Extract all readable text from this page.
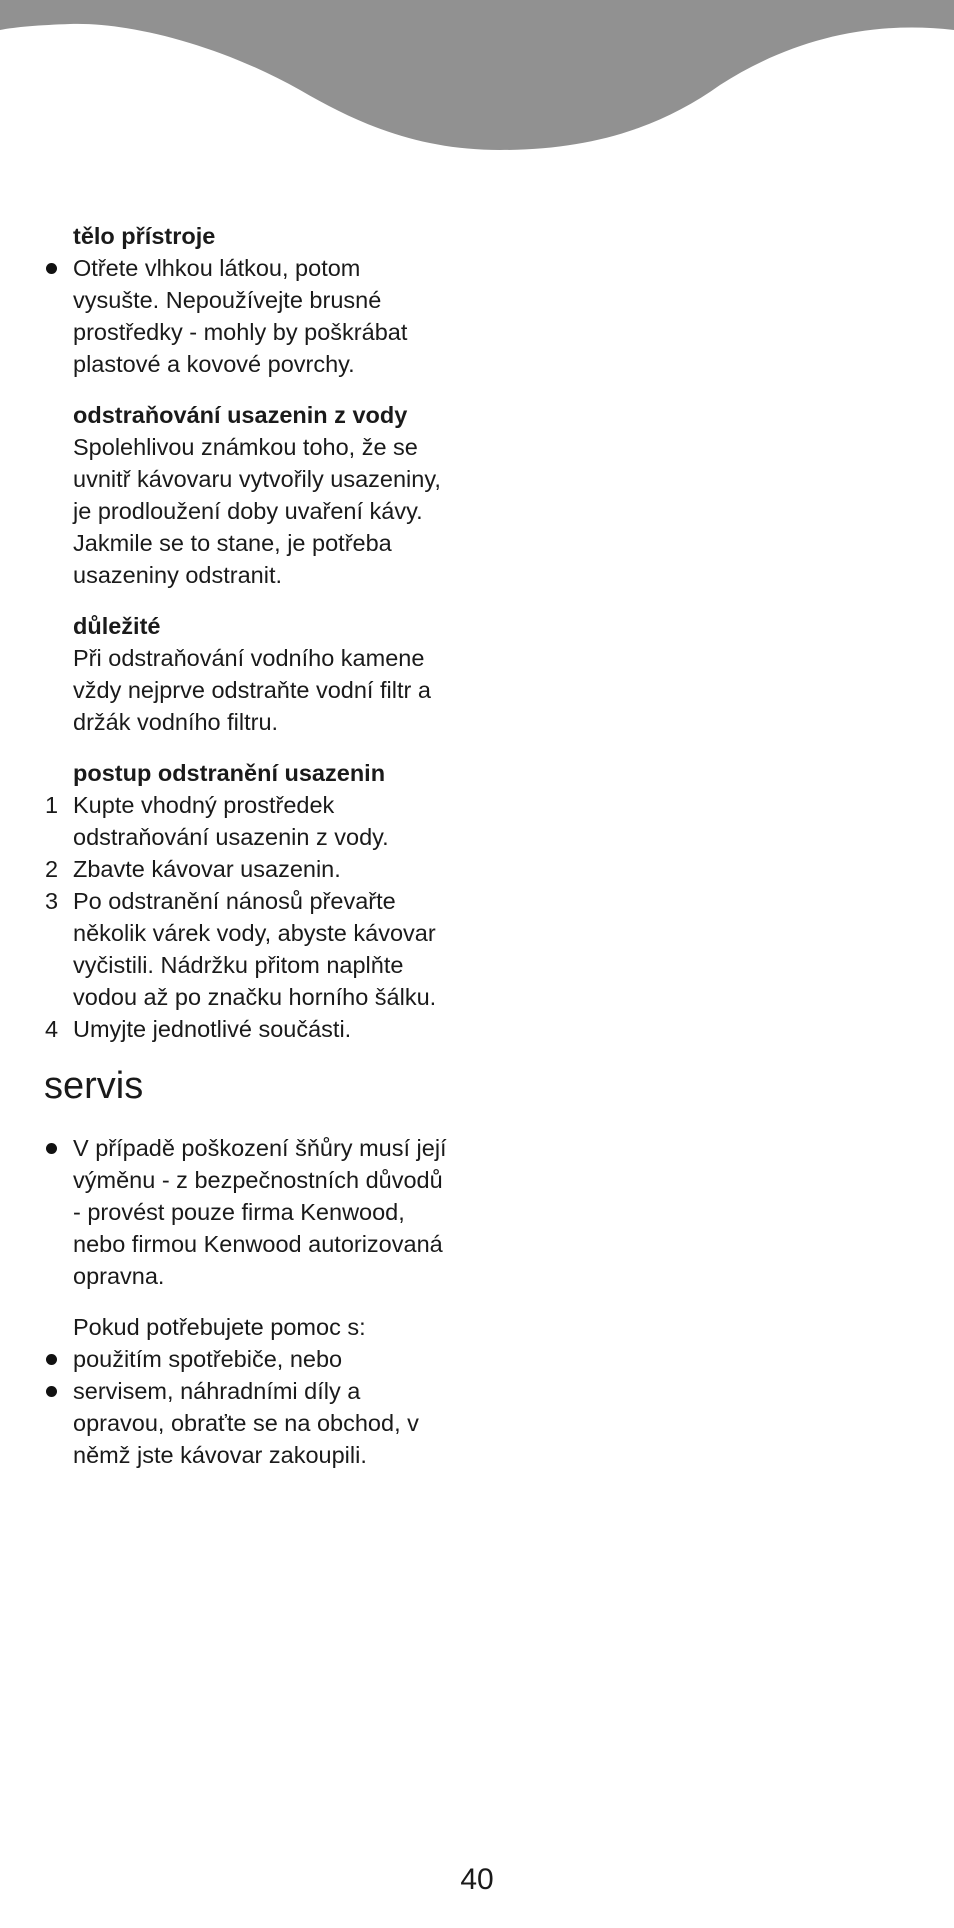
tělo přístroje

Otřete vlhkou látkou, potom
vysušte. Nepoužívejte brusné
prostředky - mohly by poškrábat
plastové a kovové povrchy.

odstraňování usazenin z vody

Spolehlivou známkou toho, že se
uvnitř kávovaru vytvořily usazeniny,
je prodloužení doby uvaření kávy.
Jakmile se to stane, je potřeba
usazeniny odstranit.

důležité

Při odstraňování vodního kamene
vždy nejprve odstraňte vodní filtr a
držák vodního filtru.

postup odstranění usazenin

1 Kupte vhodný prostředek
odstraňování usazenin z vody.
2 Zbavte kávovar usazenin.
3 Po odstranění nánosů převařte
několik várek vody, abyste kávovar
vyčistili. Nádržku přitom naplňte
vodou až po značku horního šálku.
4 Umyjte jednotlivé součásti.
servis
V případě poškození šňůry musí její
výměnu - z bezpečnostních důvodů
- provést pouze firma Kenwood,
nebo firmou Kenwood autorizovaná
opravna.

Pokud potřebujete pomoc s:

použitím spotřebiče, nebo
servisem, náhradními díly a
opravou, obraťte se na obchod, v
němž jste kávovar zakoupili.
40
